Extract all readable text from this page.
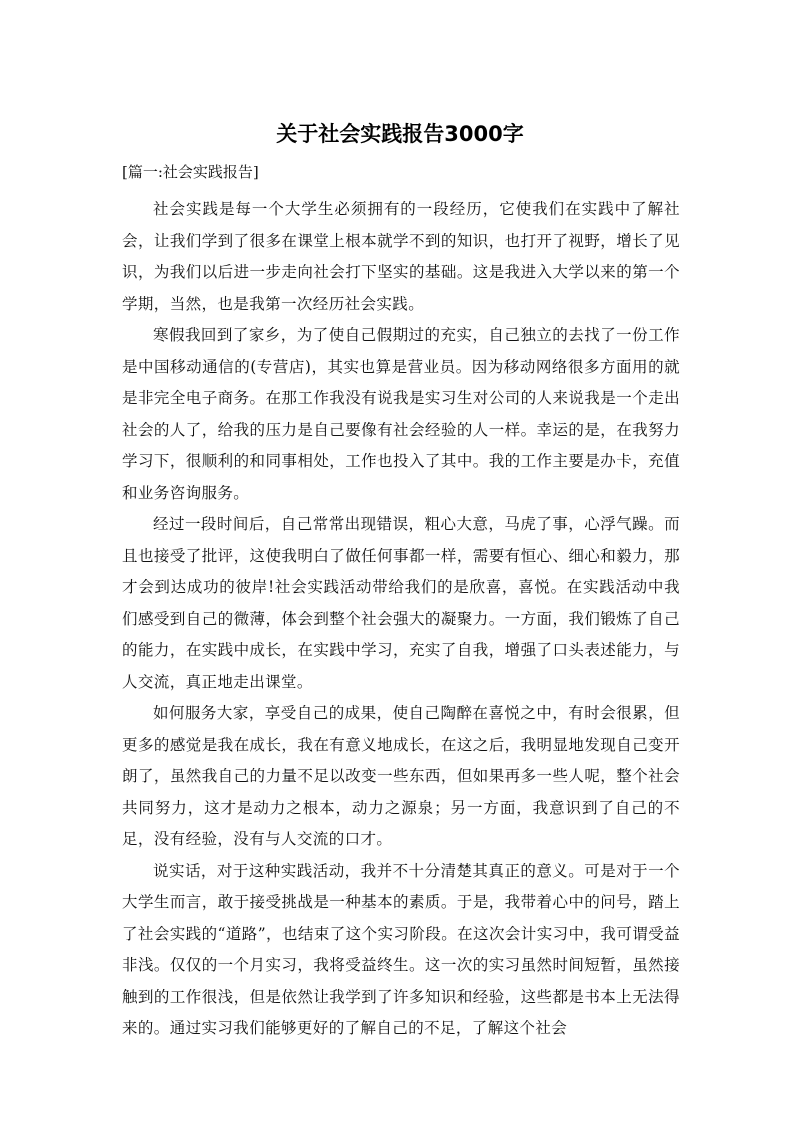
关于社会实践报告3000字

[篇一:社会实践报告]

社会实践是每一个大学生必须拥有的一段经历，它使我们在实践中了解社会，让我们学到了很多在课堂上根本就学不到的知识，也打开了视野，增长了见识，为我们以后进一步走向社会打下坚实的基础。这是我进入大学以来的第一个学期，当然，也是我第一次经历社会实践。

寒假我回到了家乡，为了使自己假期过的充实，自己独立的去找了一份工作是中国移动通信的(专营店)，其实也算是营业员。因为移动网络很多方面用的就是非完全电子商务。在那工作我没有说我是实习生对公司的人来说我是一个走出社会的人了，给我的压力是自己要像有社会经验的人一样。幸运的是，在我努力学习下，很顺利的和同事相处，工作也投入了其中。我的工作主要是办卡，充值和业务咨询服务。

经过一段时间后，自己常常出现错误，粗心大意，马虎了事，心浮气躁。而且也接受了批评，这使我明白了做任何事都一样，需要有恒心、细心和毅力，那才会到达成功的彼岸!社会实践活动带给我们的是欣喜，喜悦。在实践活动中我们感受到自己的微薄，体会到整个社会强大的凝聚力。一方面，我们锻炼了自己的能力，在实践中成长，在实践中学习，充实了自我，增强了口头表述能力，与人交流，真正地走出课堂。

如何服务大家，享受自己的成果，使自己陶醉在喜悦之中，有时会很累，但更多的感觉是我在成长，我在有意义地成长，在这之后，我明显地发现自己变开朗了，虽然我自己的力量不足以改变一些东西，但如果再多一些人呢，整个社会共同努力，这才是动力之根本，动力之源泉；另一方面，我意识到了自己的不足，没有经验，没有与人交流的口才。

说实话，对于这种实践活动，我并不十分清楚其真正的意义。可是对于一个大学生而言，敢于接受挑战是一种基本的素质。于是，我带着心中的问号，踏上了社会实践的“道路”，也结束了这个实习阶段。在这次会计实习中，我可谓受益非浅。仅仅的一个月实习，我将受益终生。这一次的实习虽然时间短暂，虽然接触到的工作很浅，但是依然让我学到了许多知识和经验，这些都是书本上无法得来的。通过实习我们能够更好的了解自己的不足，了解这个社会
